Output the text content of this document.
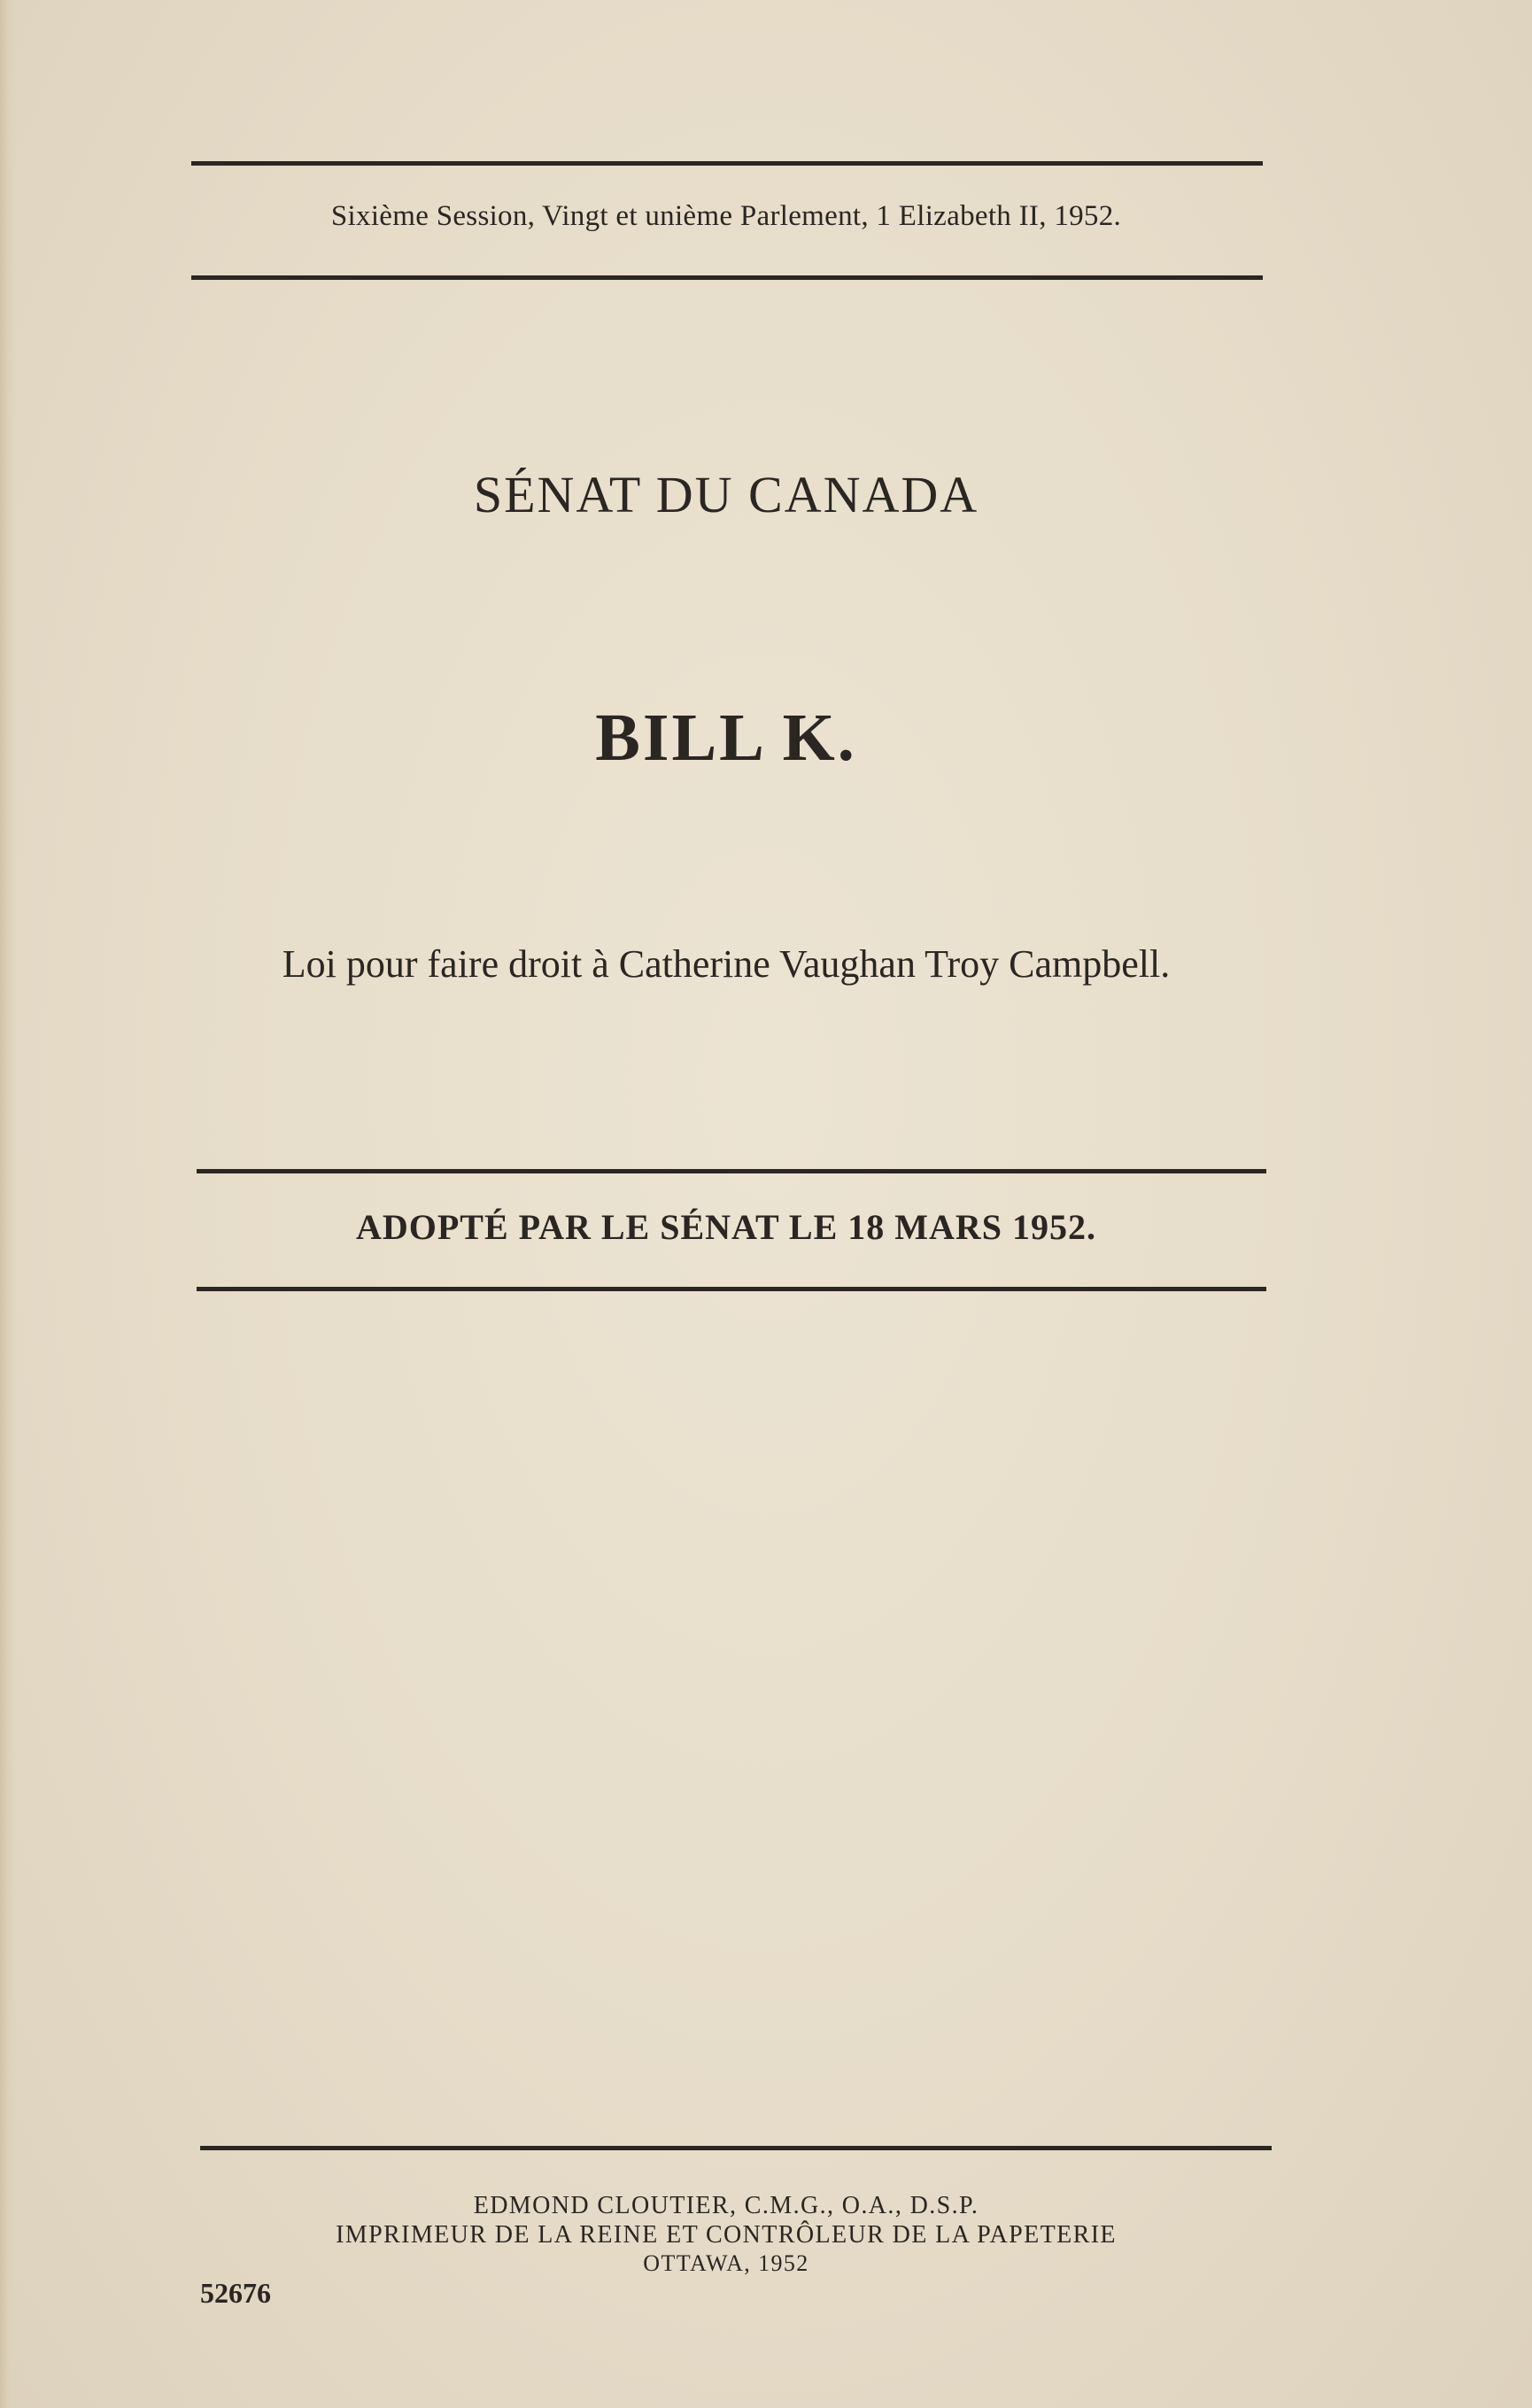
Sixième Session, Vingt et unième Parlement, 1 Elizabeth II, 1952.
SÉNAT DU CANADA
BILL K.
Loi pour faire droit à Catherine Vaughan Troy Campbell.
ADOPTÉ PAR LE SÉNAT LE 18 MARS 1952.
EDMOND CLOUTIER, C.M.G., O.A., D.S.P.
IMPRIMEUR DE LA REINE ET CONTRÔLEUR DE LA PAPETERIE
OTTAWA, 1952
52676
